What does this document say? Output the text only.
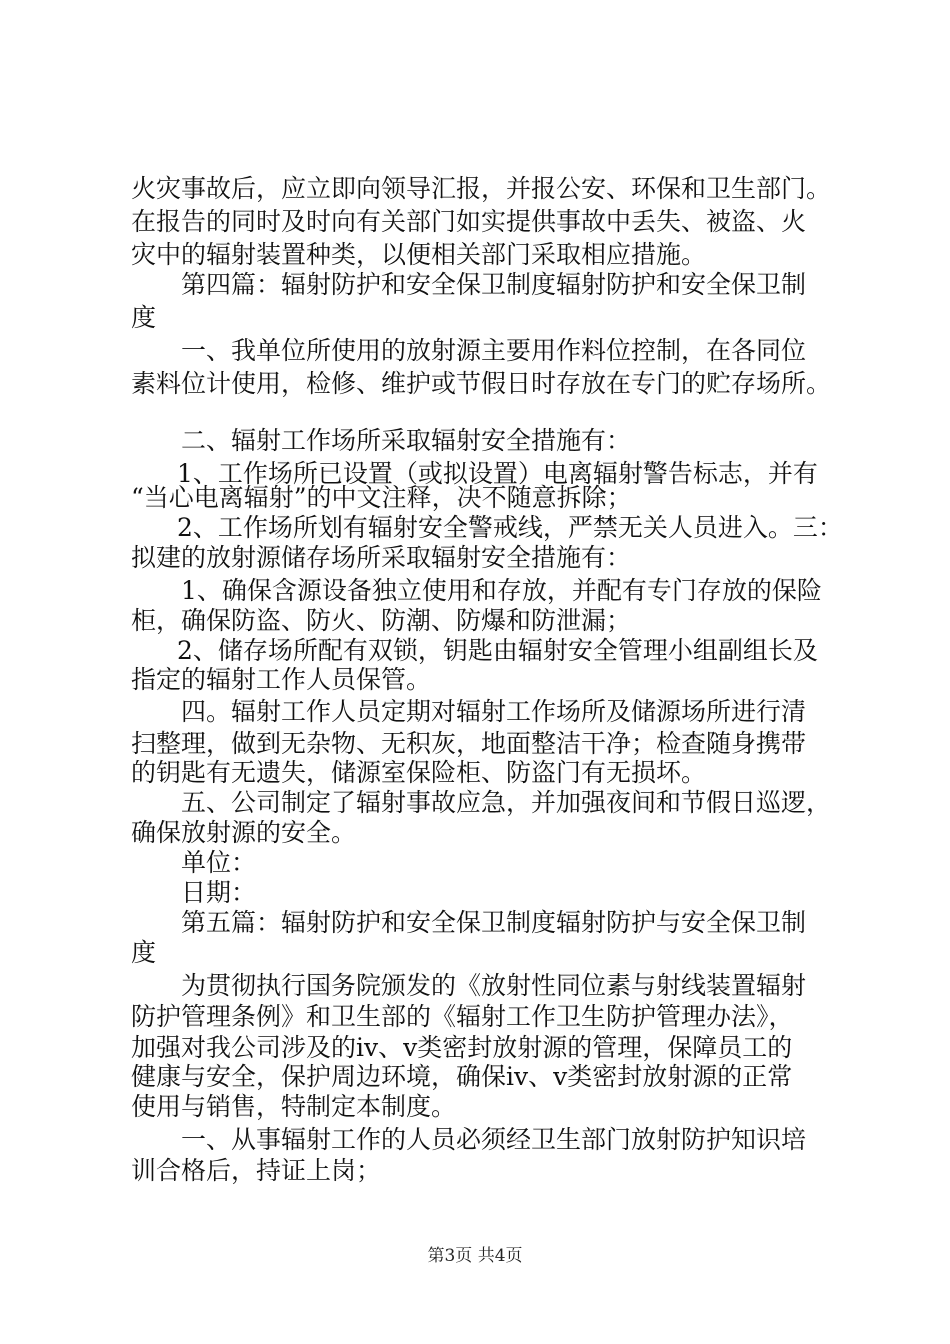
火灾事故后，应立即向领导汇报，并报公安、环保和卫生部门。
在报告的同时及时向有关部门如实提供事故中丢失、被盗、火
灾中的辐射装置种类，以便相关部门采取相应措施。
第四篇：辐射防护和安全保卫制度辐射防护和安全保卫制
度
一、我单位所使用的放射源主要用作料位控制，在各同位
素料位计使用，检修、维护或节假日时存放在专门的贮存场所。
二、辐射工作场所采取辐射安全措施有：
1、工作场所已设置（或拟设置）电离辐射警告标志，并有
“当心电离辐射”的中文注释，决不随意拆除；
2、工作场所划有辐射安全警戒线，严禁无关人员进入。三：
拟建的放射源储存场所采取辐射安全措施有：
1、确保含源设备独立使用和存放，并配有专门存放的保险
柜，确保防盗、防火、防潮、防爆和防泄漏；
2、储存场所配有双锁，钥匙由辐射安全管理小组副组长及
指定的辐射工作人员保管。
四。辐射工作人员定期对辐射工作场所及储源场所进行清
扫整理，做到无杂物、无积灰，地面整洁干净；检查随身携带
的钥匙有无遗失，储源室保险柜、防盗门有无损坏。
五、公司制定了辐射事故应急，并加强夜间和节假日巡逻，
确保放射源的安全。
单位：
日期：
第五篇：辐射防护和安全保卫制度辐射防护与安全保卫制
度
为贯彻执行国务院颁发的《放射性同位素与射线装置辐射
防护管理条例》和卫生部的《辐射工作卫生防护管理办法》，
加强对我公司涉及的iv、v类密封放射源的管理，保障员工的
健康与安全，保护周边环境，确保iv、v类密封放射源的正常
使用与销售，特制定本制度。
一、从事辐射工作的人员必须经卫生部门放射防护知识培
训合格后，持证上岗；
第3页 共4页
